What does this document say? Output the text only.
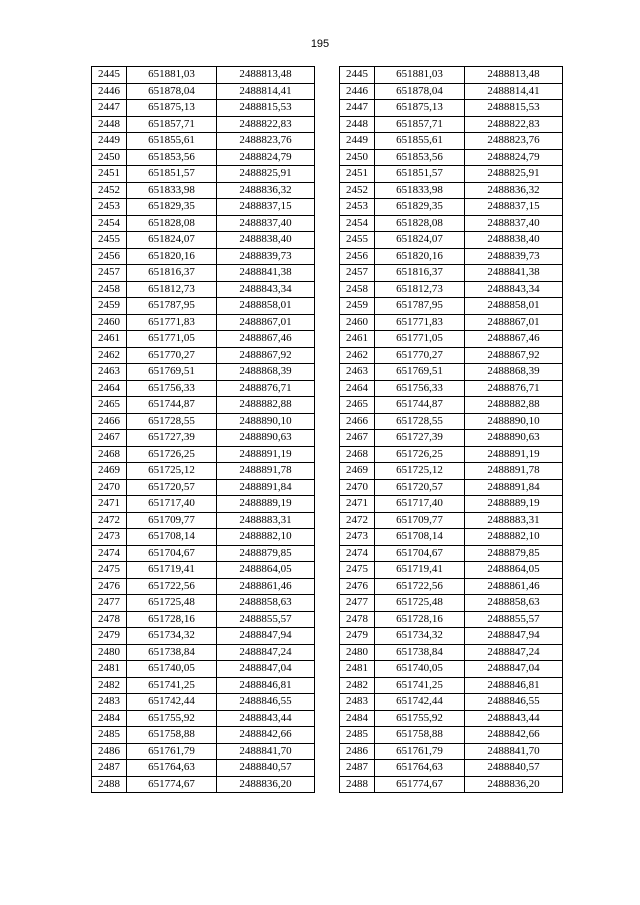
195
2445	651881,03	2488813,48
2446	651878,04	2488814,41
2447	651875,13	2488815,53
2448	651857,71	2488822,83
2449	651855,61	2488823,76
2450	651853,56	2488824,79
2451	651851,57	2488825,91
2452	651833,98	2488836,32
2453	651829,35	2488837,15
2454	651828,08	2488837,40
2455	651824,07	2488838,40
2456	651820,16	2488839,73
2457	651816,37	2488841,38
2458	651812,73	2488843,34
2459	651787,95	2488858,01
2460	651771,83	2488867,01
2461	651771,05	2488867,46
2462	651770,27	2488867,92
2463	651769,51	2488868,39
2464	651756,33	2488876,71
2465	651744,87	2488882,88
2466	651728,55	2488890,10
2467	651727,39	2488890,63
2468	651726,25	2488891,19
2469	651725,12	2488891,78
2470	651720,57	2488891,84
2471	651717,40	2488889,19
2472	651709,77	2488883,31
2473	651708,14	2488882,10
2474	651704,67	2488879,85
2475	651719,41	2488864,05
2476	651722,56	2488861,46
2477	651725,48	2488858,63
2478	651728,16	2488855,57
2479	651734,32	2488847,94
2480	651738,84	2488847,24
2481	651740,05	2488847,04
2482	651741,25	2488846,81
2483	651742,44	2488846,55
2484	651755,92	2488843,44
2485	651758,88	2488842,66
2486	651761,79	2488841,70
2487	651764,63	2488840,57
2488	651774,67	2488836,20
2445	651881,03	2488813,48
2446	651878,04	2488814,41
2447	651875,13	2488815,53
2448	651857,71	2488822,83
2449	651855,61	2488823,76
2450	651853,56	2488824,79
2451	651851,57	2488825,91
2452	651833,98	2488836,32
2453	651829,35	2488837,15
2454	651828,08	2488837,40
2455	651824,07	2488838,40
2456	651820,16	2488839,73
2457	651816,37	2488841,38
2458	651812,73	2488843,34
2459	651787,95	2488858,01
2460	651771,83	2488867,01
2461	651771,05	2488867,46
2462	651770,27	2488867,92
2463	651769,51	2488868,39
2464	651756,33	2488876,71
2465	651744,87	2488882,88
2466	651728,55	2488890,10
2467	651727,39	2488890,63
2468	651726,25	2488891,19
2469	651725,12	2488891,78
2470	651720,57	2488891,84
2471	651717,40	2488889,19
2472	651709,77	2488883,31
2473	651708,14	2488882,10
2474	651704,67	2488879,85
2475	651719,41	2488864,05
2476	651722,56	2488861,46
2477	651725,48	2488858,63
2478	651728,16	2488855,57
2479	651734,32	2488847,94
2480	651738,84	2488847,24
2481	651740,05	2488847,04
2482	651741,25	2488846,81
2483	651742,44	2488846,55
2484	651755,92	2488843,44
2485	651758,88	2488842,66
2486	651761,79	2488841,70
2487	651764,63	2488840,57
2488	651774,67	2488836,20
